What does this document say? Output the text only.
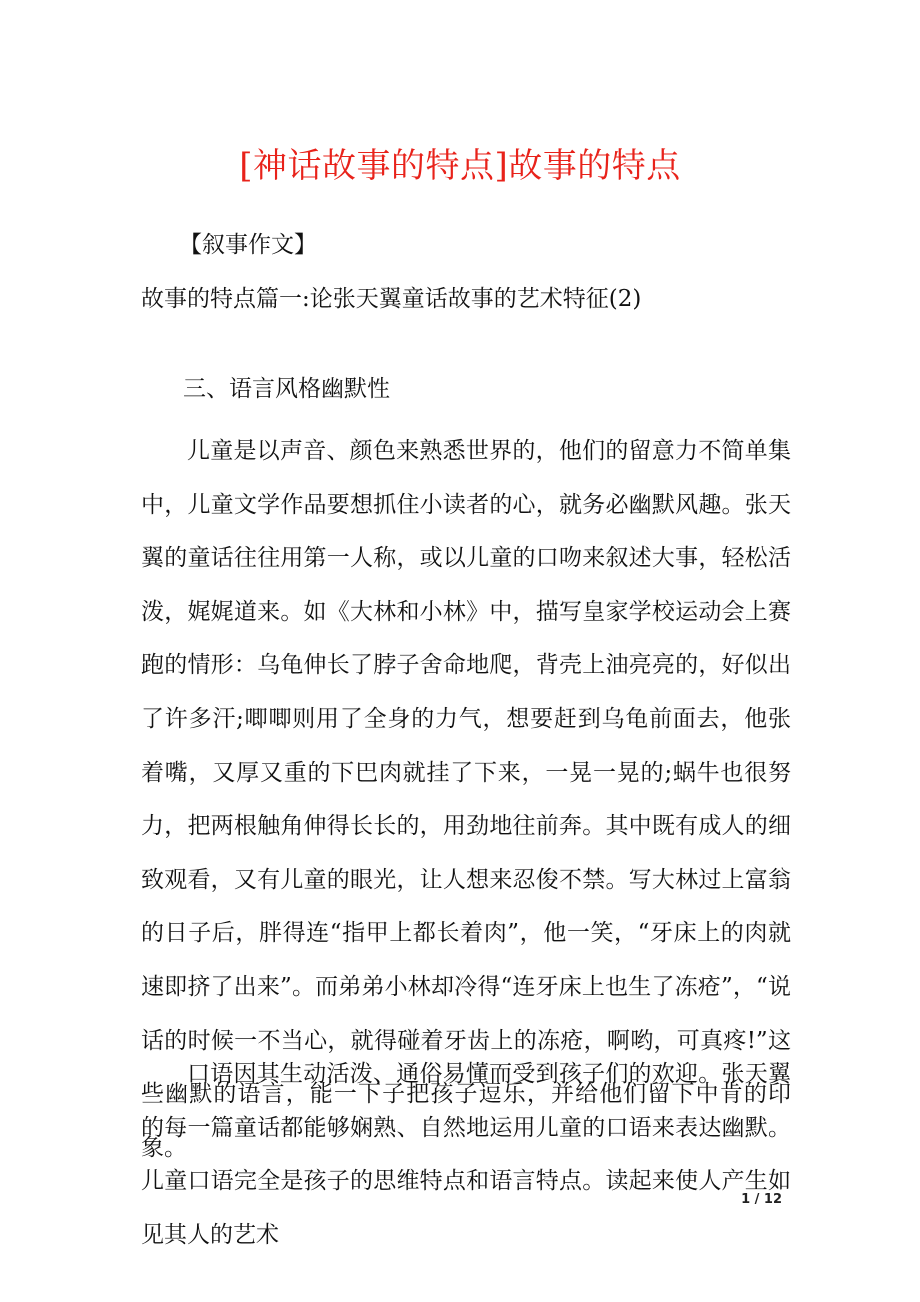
[神话故事的特点]故事的特点
【叙事作文】
故事的特点篇一:论张天翼童话故事的艺术特征(2)
三、语言风格幽默性
儿童是以声音、颜色来熟悉世界的，他们的留意力不简单集中，儿童文学作品要想抓住小读者的心，就务必幽默风趣。张天翼的童话往往用第一人称，或以儿童的口吻来叙述大事，轻松活泼，娓娓道来。如《大林和小林》中，描写皇家学校运动会上赛跑的情形：乌龟伸长了脖子舍命地爬，背壳上油亮亮的，好似出了许多汗;唧唧则用了全身的力气，想要赶到乌龟前面去，他张着嘴，又厚又重的下巴肉就挂了下来，一晃一晃的;蜗牛也很努力，把两根触角伸得长长的，用劲地往前奔。其中既有成人的细致观看，又有儿童的眼光，让人想来忍俊不禁。写大林过上富翁的日子后，胖得连“指甲上都长着肉”，他一笑，“牙床上的肉就速即挤了出来”。而弟弟小林却冷得“连牙床上也生了冻疮”，“说话的时候一不当心，就得碰着牙齿上的冻疮，啊哟，可真疼!”这些幽默的语言，能一下子把孩子逗乐，并给他们留下中肯的印象。
口语因其生动活泼、通俗易懂而受到孩子们的欢迎。张天翼的每一篇童话都能够娴熟、自然地运用儿童的口语来表达幽默。儿童口语完全是孩子的思维特点和语言特点。读起来使人产生如见其人的艺术
1 / 12
